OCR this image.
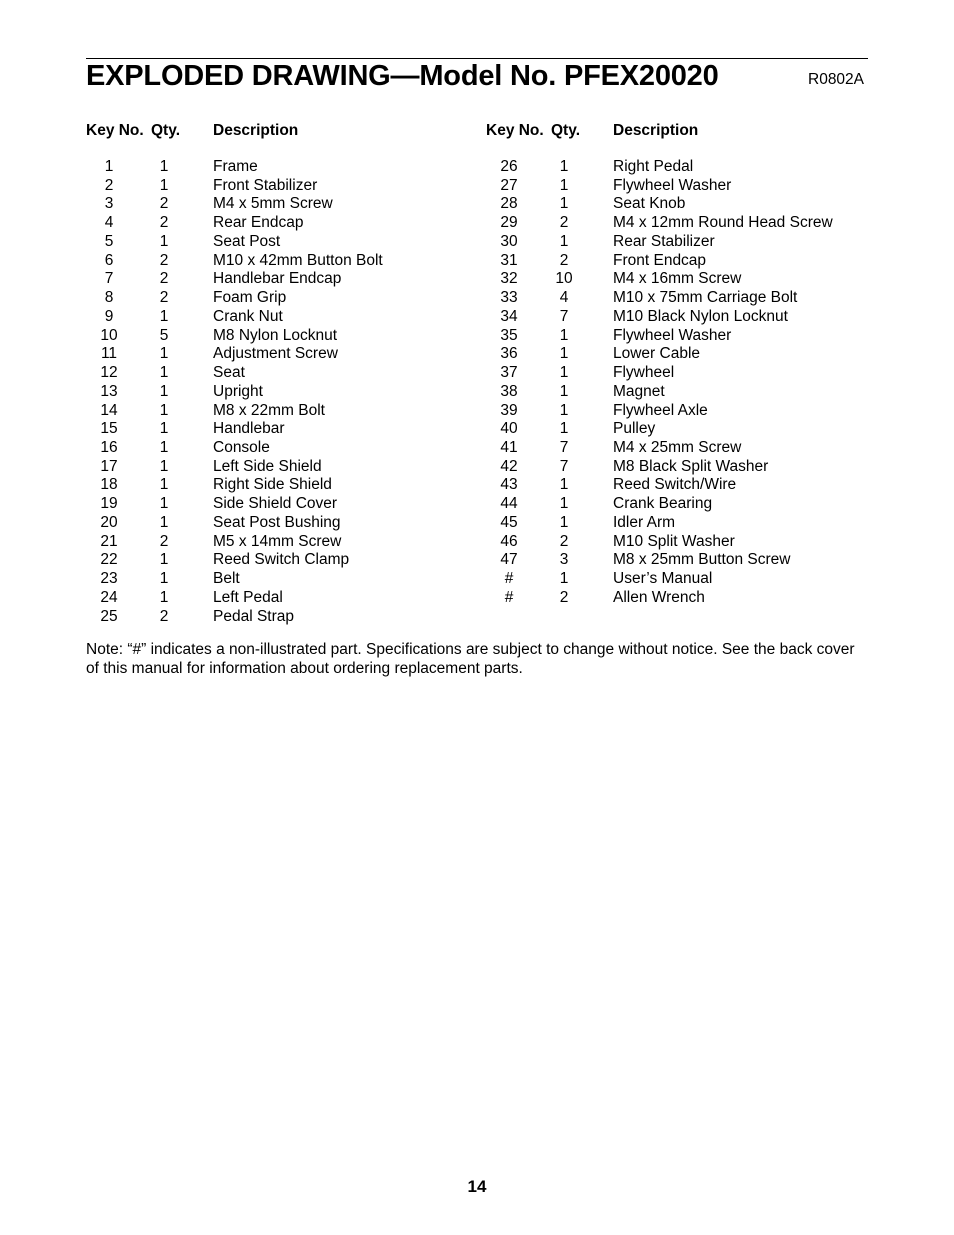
EXPLODED DRAWING—Model No. PFEX20020	R0802A
Key No. Qty. Description
1	1	Frame
2	1	Front Stabilizer
3	2	M4 x 5mm Screw
4	2	Rear Endcap
5	1	Seat Post
6	2	M10 x 42mm Button Bolt
7	2	Handlebar Endcap
8	2	Foam Grip
9	1	Crank Nut
10	5	M8 Nylon Locknut
11	1	Adjustment Screw
12	1	Seat
13	1	Upright
14	1	M8 x 22mm Bolt
15	1	Handlebar
16	1	Console
17	1	Left Side Shield
18	1	Right Side Shield
19	1	Side Shield Cover
20	1	Seat Post Bushing
21	2	M5 x 14mm Screw
22	1	Reed Switch Clamp
23	1	Belt
24	1	Left Pedal
25	2	Pedal Strap
Key No. Qty. Description
26	1	Right Pedal
27	1	Flywheel Washer
28	1	Seat Knob
29	2	M4 x 12mm Round Head Screw
30	1	Rear Stabilizer
31	2	Front Endcap
32	10	M4 x 16mm Screw
33	4	M10 x 75mm Carriage Bolt
34	7	M10 Black Nylon Locknut
35	1	Flywheel Washer
36	1	Lower Cable
37	1	Flywheel
38	1	Magnet
39	1	Flywheel Axle
40	1	Pulley
41	7	M4 x 25mm Screw
42	7	M8 Black Split Washer
43	1	Reed Switch/Wire
44	1	Crank Bearing
45	1	Idler Arm
46	2	M10 Split Washer
47	3	M8 x 25mm Button Screw
#	1	User’s Manual
#	2	Allen Wrench
Note: “#” indicates a non-illustrated part. Specifications are subject to change without notice. See the back cover of this manual for information about ordering replacement parts.
14
